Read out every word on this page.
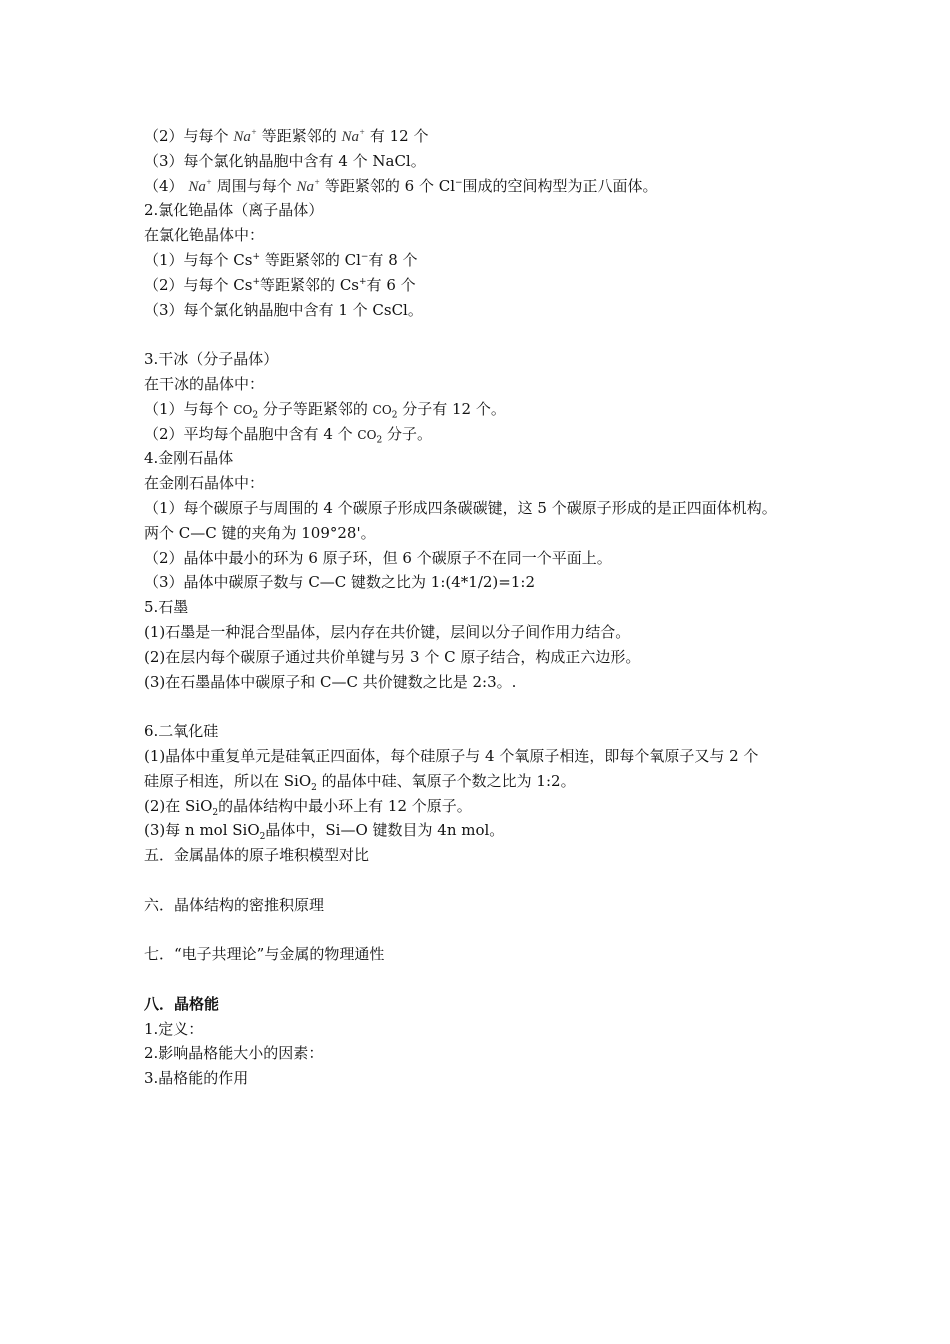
（2）与每个 Na+ 等距紧邻的 Na+ 有 12 个
（3）每个氯化钠晶胞中含有 4 个 NaCl。
（4） Na+ 周围与每个 Na+ 等距紧邻的 6 个 Cl−围成的空间构型为正八面体。
2.氯化铯晶体（离子晶体）
在氯化铯晶体中：
（1）与每个 Cs+ 等距紧邻的 Cl−有 8 个
（2）与每个 Cs+等距紧邻的 Cs+有 6 个
（3）每个氯化钠晶胞中含有 1 个 CsCl。
3.干冰（分子晶体）
在干冰的晶体中：
（1）与每个 $CO_2$ 分子等距紧邻的 $CO_2$ 分子有 12 个。
（2）平均每个晶胞中含有 4 个 $CO_2$ 分子。
4.金刚石晶体
在金刚石晶体中：
（1）每个碳原子与周围的 4 个碳原子形成四条碳碳键，这 5 个碳原子形成的是正四面体机构。
两个 C—C 键的夹角为 109°28'。
（2）晶体中最小的环为 6 原子环，但 6 个碳原子不在同一个平面上。
（3）晶体中碳原子数与 C—C 键数之比为 1:(4*1/2)=1:2
5.石墨
(1)石墨是一种混合型晶体，层内存在共价键，层间以分子间作用力结合。
(2)在层内每个碳原子通过共价单键与另 3 个 C 原子结合，构成正六边形。
(3)在石墨晶体中碳原子和 C—C 共价键数之比是 2:3。.
6.二氧化硅
(1)晶体中重复单元是硅氧正四面体，每个硅原子与 4 个氧原子相连，即每个氧原子又与 2 个
硅原子相连，所以在 SiO$_2$ 的晶体中硅、氧原子个数之比为 1:2。
(2)在 SiO$_2$的晶体结构中最小环上有 12 个原子。
(3)每 n mol SiO$_2$晶体中，Si—O 键数目为 4n mol。
五．金属晶体的原子堆积模型对比
六．晶体结构的密推积原理
七．“电子共理论”与金属的物理通性
八．晶格能
1.定义：
2.影响晶格能大小的因素：
3.晶格能的作用
